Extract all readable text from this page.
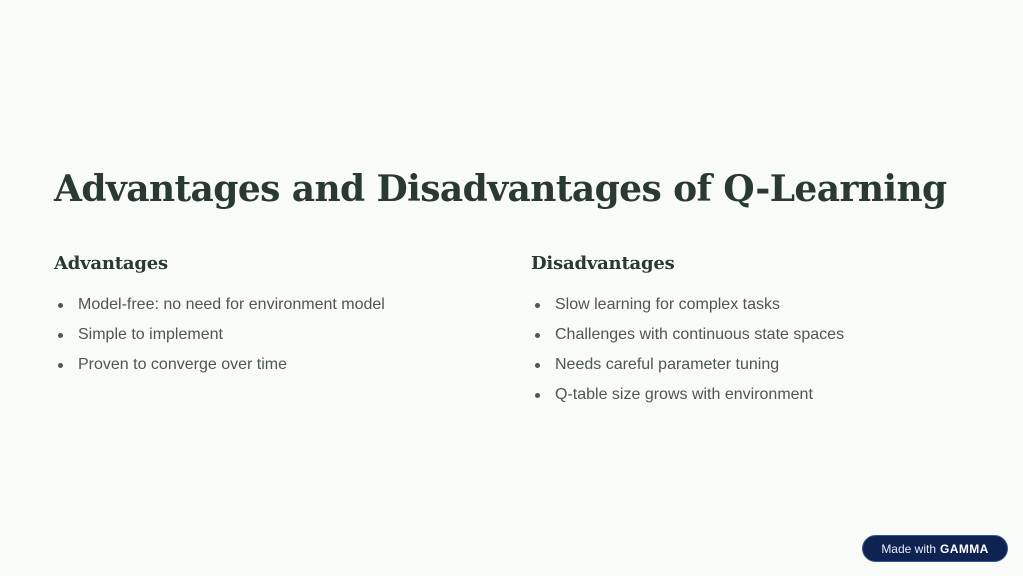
Advantages and Disadvantages of Q-Learning
Advantages
Model-free: no need for environment model
Simple to implement
Proven to converge over time
Disadvantages
Slow learning for complex tasks
Challenges with continuous state spaces
Needs careful parameter tuning
Q-table size grows with environment
Made with GAMMA
